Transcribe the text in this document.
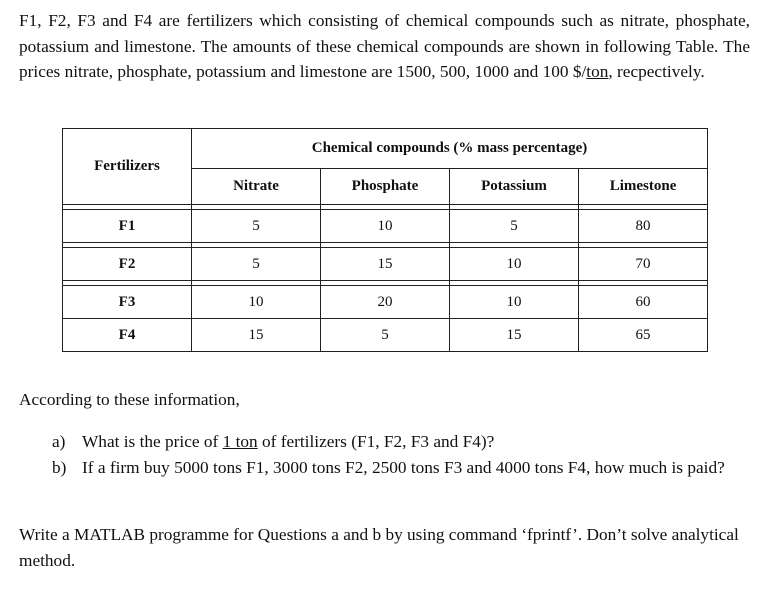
F1, F2, F3 and F4 are fertilizers which consisting of chemical compounds such as nitrate, phosphate, potassium and limestone. The amounts of these chemical compounds are shown in following Table. The prices nitrate, phosphate, potassium and limestone are 1500, 500, 1000 and 100 $/ton, recpectively.

Fertilizers	Chemical compounds (% mass percentage)			
	Nitrate	Phosphate	Potassium	Limestone

F1	5	10	5	80

F2	5	15	10	70

F3	10	20	10	60
F4	15	5	15	65

According to these information,

a) What is the price of 1 ton of fertilizers (F1, F2, F3 and F4)?
b) If a firm buy 5000 tons F1, 3000 tons F2, 2500 tons F3 and 4000 tons F4, how much is paid?

Write a MATLAB programme for Questions a and b by using command ‘fprintf’. Don’t solve analytical method.
